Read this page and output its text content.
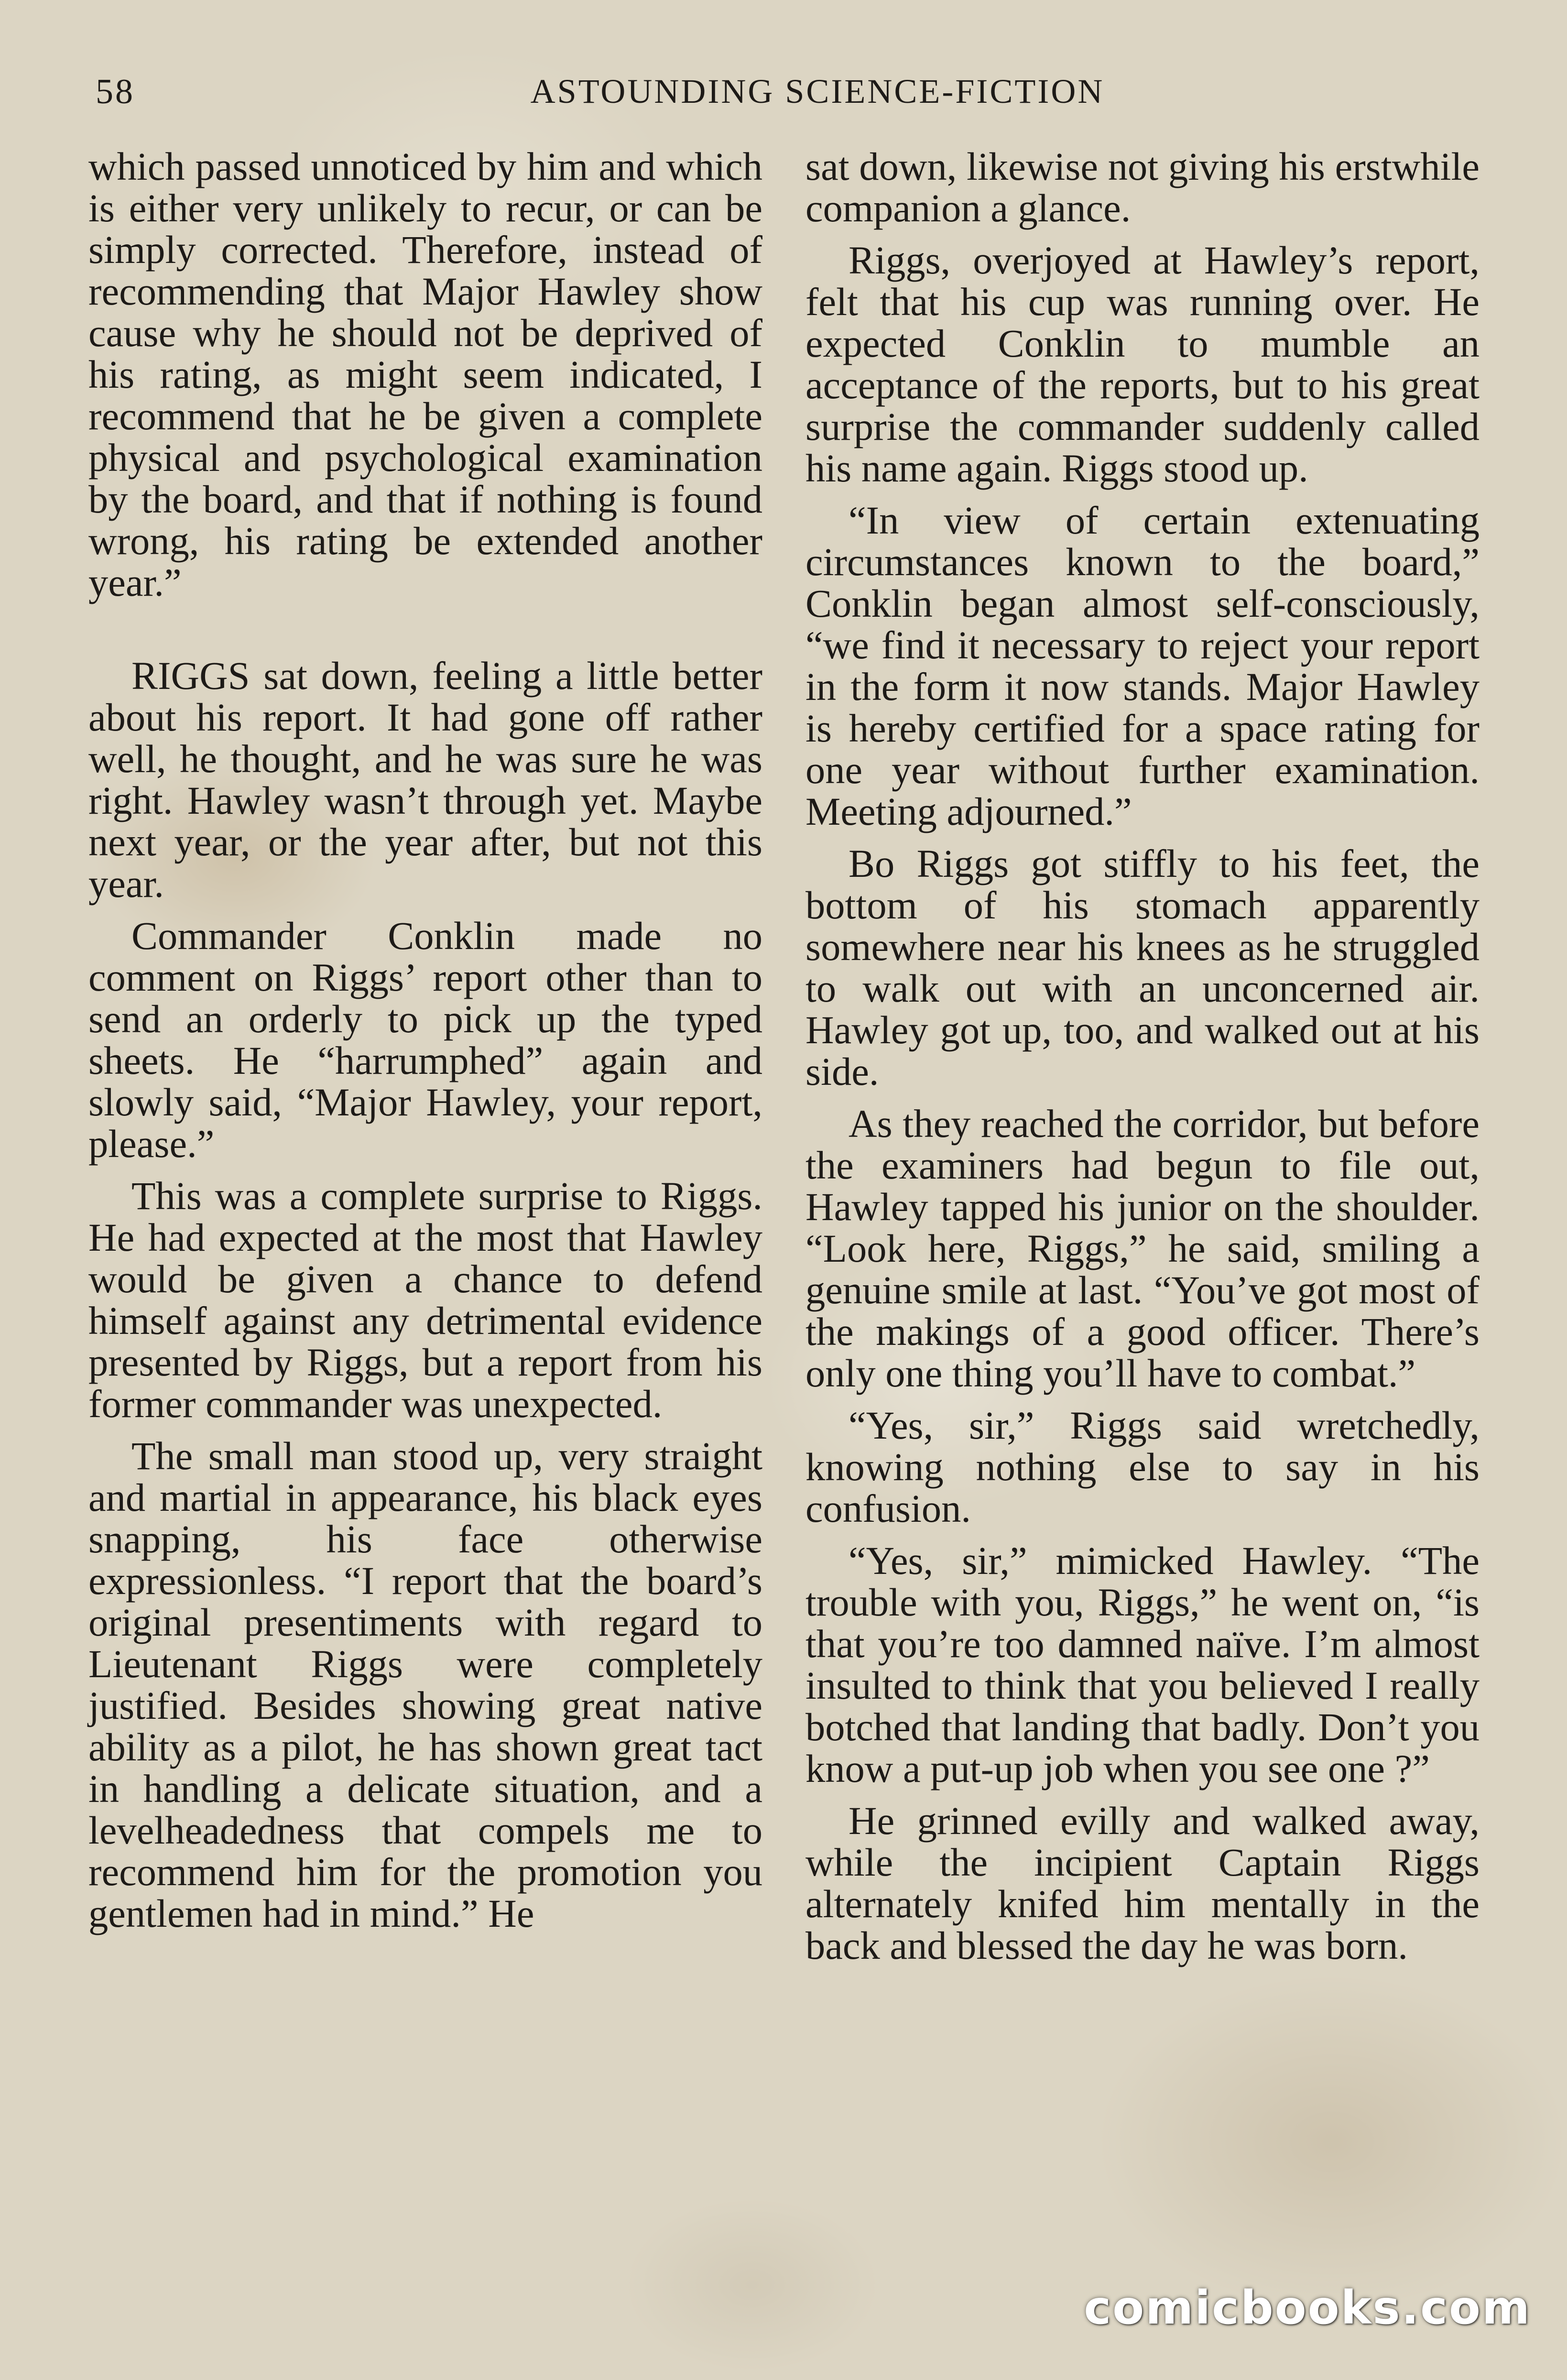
58	ASTOUNDING SCIENCE-FICTION

which passed unnoticed by him and which is either very unlikely to recur, or can be simply corrected. Therefore, instead of recommending that Major Hawley show cause why he should not be deprived of his rating, as might seem indicated, I recommend that he be given a complete physical and psychological examination by the board, and that if nothing is found wrong, his rating be extended another year.”

RIGGS sat down, feeling a little better about his report. It had gone off rather well, he thought, and he was sure he was right. Hawley wasn’t through yet. Maybe next year, or the year after, but not this year.

Commander Conklin made no comment on Riggs’ report other than to send an orderly to pick up the typed sheets. He “harrumphed” again and slowly said, “Major Hawley, your report, please.”

This was a complete surprise to Riggs. He had expected at the most that Hawley would be given a chance to defend himself against any detrimental evidence presented by Riggs, but a report from his former commander was unexpected.

The small man stood up, very straight and martial in appearance, his black eyes snapping, his face otherwise expressionless. “I report that the board’s original presentiments with regard to Lieutenant Riggs were completely justified. Besides showing great native ability as a pilot, he has shown great tact in handling a delicate situation, and a levelheadedness that compels me to recommend him for the promotion you gentlemen had in mind.” He

sat down, likewise not giving his erstwhile companion a glance.

Riggs, overjoyed at Hawley’s report, felt that his cup was running over. He expected Conklin to mumble an acceptance of the reports, but to his great surprise the commander suddenly called his name again. Riggs stood up.

“In view of certain extenuating circumstances known to the board,” Conklin began almost self-consciously, “we find it necessary to reject your report in the form it now stands. Major Hawley is hereby certified for a space rating for one year without further examination. Meeting adjourned.”

Bo Riggs got stiffly to his feet, the bottom of his stomach apparently somewhere near his knees as he struggled to walk out with an unconcerned air. Hawley got up, too, and walked out at his side.

As they reached the corridor, but before the examiners had begun to file out, Hawley tapped his junior on the shoulder. “Look here, Riggs,” he said, smiling a genuine smile at last. “You’ve got most of the makings of a good officer. There’s only one thing you’ll have to combat.”

“Yes, sir,” Riggs said wretchedly, knowing nothing else to say in his confusion.

“Yes, sir,” mimicked Hawley. “The trouble with you, Riggs,” he went on, “is that you’re too damned naïve. I’m almost insulted to think that you believed I really botched that landing that badly. Don’t you know a put-up job when you see one ?”

He grinned evilly and walked away, while the incipient Captain Riggs alternately knifed him mentally in the back and blessed the day he was born.

comicbooks.com
